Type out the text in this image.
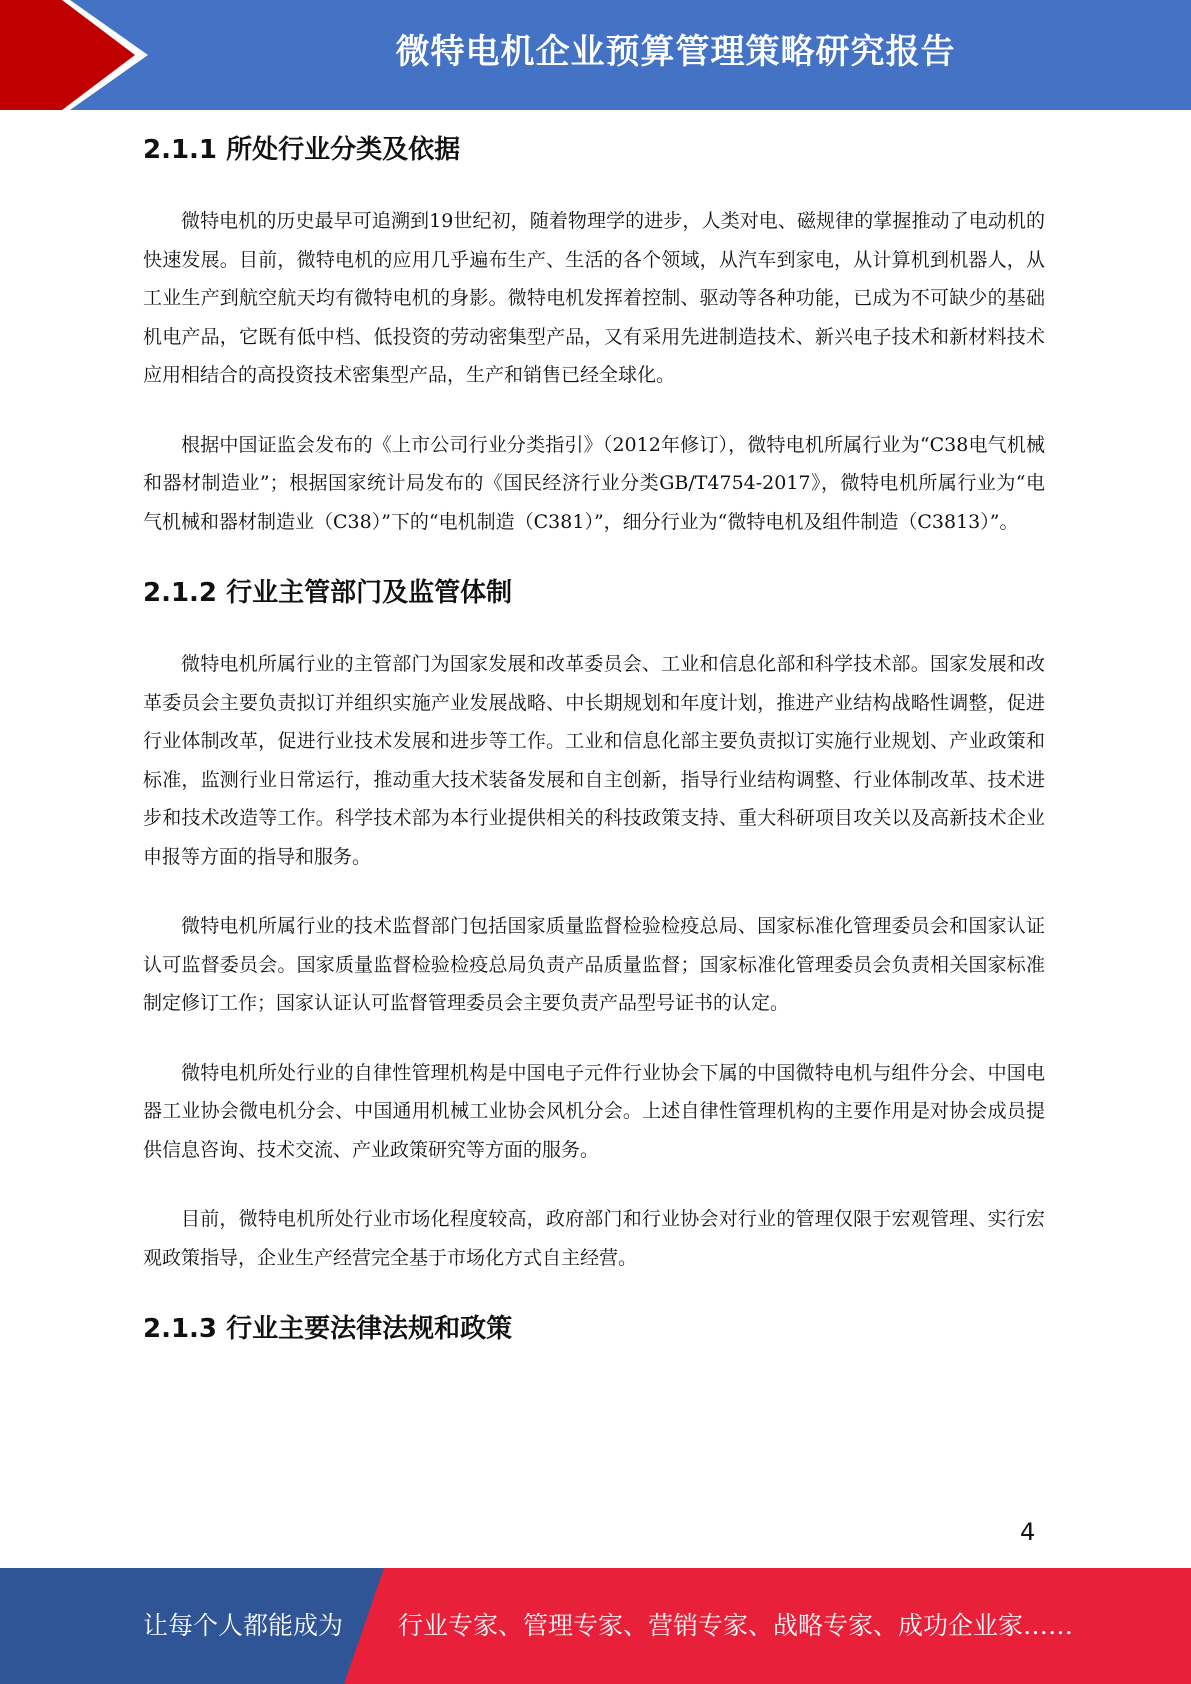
微特电机企业预算管理策略研究报告
2.1.1 所处行业分类及依据

微特电机的历史最早可追溯到19世纪初，随着物理学的进步，人类对电、磁规律的掌握推动了电动机的快速发展。目前，微特电机的应用几乎遍布生产、生活的各个领域，从汽车到家电，从计算机到机器人，从工业生产到航空航天均有微特电机的身影。微特电机发挥着控制、驱动等各种功能，已成为不可缺少的基础机电产品，它既有低中档、低投资的劳动密集型产品，又有采用先进制造技术、新兴电子技术和新材料技术应用相结合的高投资技术密集型产品，生产和销售已经全球化。

根据中国证监会发布的《上市公司行业分类指引》（2012年修订），微特电机所属行业为“C38电气机械和器材制造业”；根据国家统计局发布的《国民经济行业分类GB/T4754-2017》，微特电机所属行业为“电气机械和器材制造业（C38）”下的“电机制造（C381）”，细分行业为“微特电机及组件制造（C3813）”。

2.1.2 行业主管部门及监管体制

微特电机所属行业的主管部门为国家发展和改革委员会、工业和信息化部和科学技术部。国家发展和改革委员会主要负责拟订并组织实施产业发展战略、中长期规划和年度计划，推进产业结构战略性调整，促进行业体制改革，促进行业技术发展和进步等工作。工业和信息化部主要负责拟订实施行业规划、产业政策和标准，监测行业日常运行，推动重大技术装备发展和自主创新，指导行业结构调整、行业体制改革、技术进步和技术改造等工作。科学技术部为本行业提供相关的科技政策支持、重大科研项目攻关以及高新技术企业申报等方面的指导和服务。

微特电机所属行业的技术监督部门包括国家质量监督检验检疫总局、国家标准化管理委员会和国家认证认可监督委员会。国家质量监督检验检疫总局负责产品质量监督；国家标准化管理委员会负责相关国家标准制定修订工作；国家认证认可监督管理委员会主要负责产品型号证书的认定。

微特电机所处行业的自律性管理机构是中国电子元件行业协会下属的中国微特电机与组件分会、中国电器工业协会微电机分会、中国通用机械工业协会风机分会。上述自律性管理机构的主要作用是对协会成员提供信息咨询、技术交流、产业政策研究等方面的服务。

目前，微特电机所处行业市场化程度较高，政府部门和行业协会对行业的管理仅限于宏观管理、实行宏观政策指导，企业生产经营完全基于市场化方式自主经营。

2.1.3 行业主要法律法规和政策
4
让每个人都能成为 行业专家、管理专家、营销专家、战略专家、成功企业家……
